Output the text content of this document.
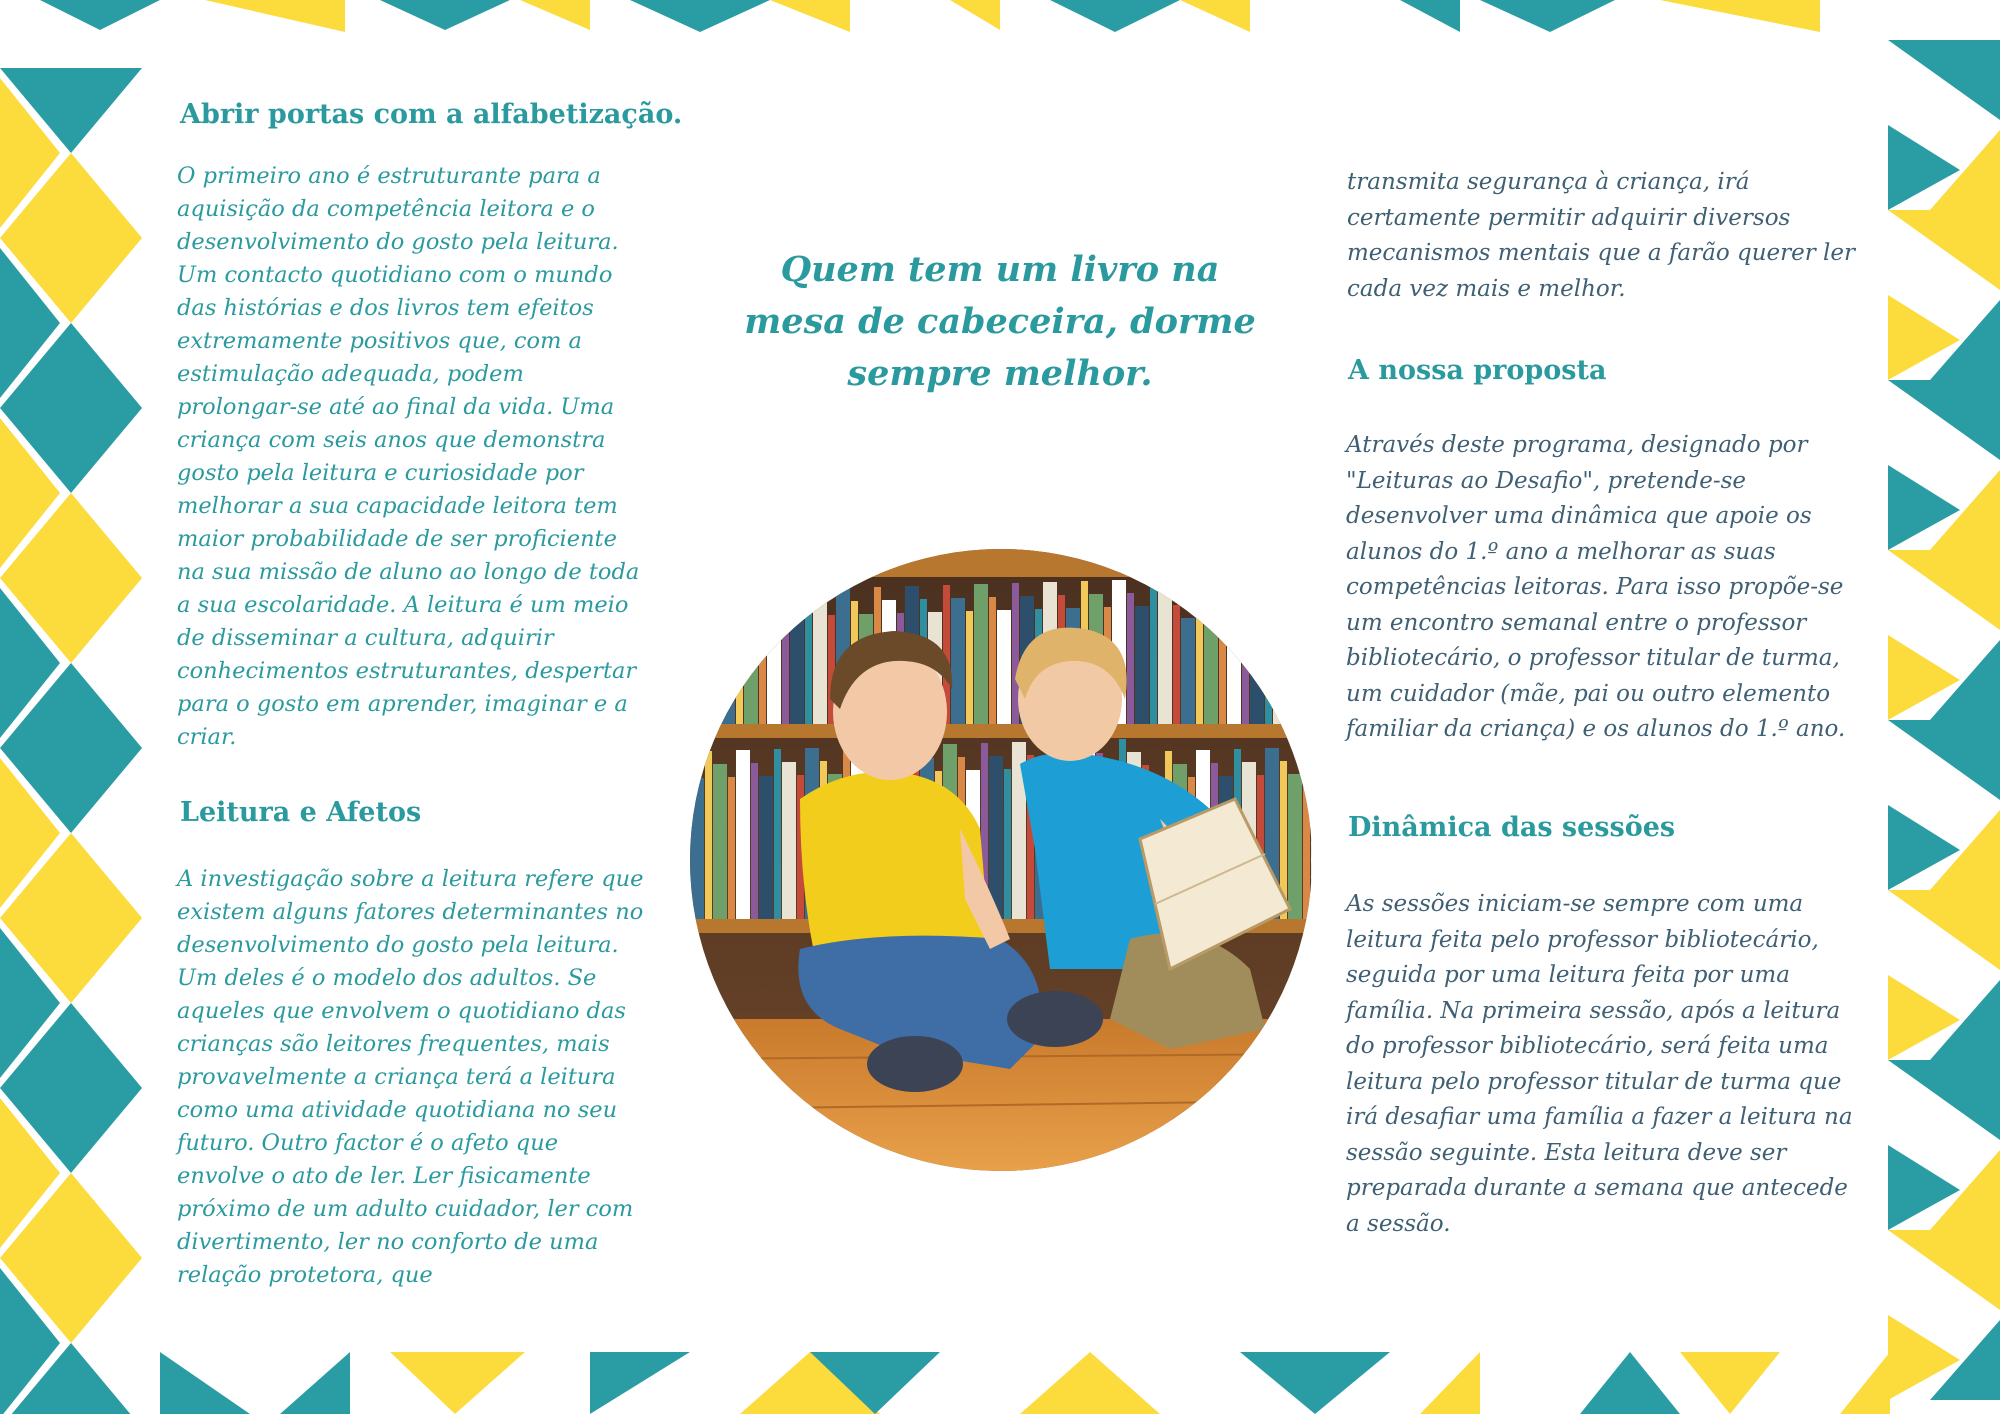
Abrir portas com a alfabetização.

O primeiro ano é estruturante para a aquisição da competência leitora e o desenvolvimento do gosto pela leitura. Um contacto quotidiano com o mundo das histórias e dos livros tem efeitos extremamente positivos que, com a estimulação adequada, podem prolongar-se até ao final da vida. Uma criança com seis anos que demonstra gosto pela leitura e curiosidade por melhorar a sua capacidade leitora tem maior probabilidade de ser proficiente na sua missão de aluno ao longo de toda a sua escolaridade. A leitura é um meio de disseminar a cultura, adquirir conhecimentos estruturantes, despertar para o gosto em aprender, imaginar e a criar.

Leitura e Afetos

A investigação sobre a leitura refere que existem alguns fatores determinantes no desenvolvimento do gosto pela leitura. Um deles é o modelo dos adultos. Se aqueles que envolvem o quotidiano das crianças são leitores frequentes, mais provavelmente a criança terá a leitura como uma atividade quotidiana no seu futuro. Outro factor é o afeto que envolve o ato de ler. Ler fisicamente próximo de um adulto cuidador, ler com divertimento, ler no conforto de uma relação protetora, que

Quem tem um livro na mesa de cabeceira, dorme sempre melhor.

transmita segurança à criança, irá certamente permitir adquirir diversos mecanismos mentais que a farão querer ler cada vez mais e melhor.

A nossa proposta

Através deste programa, designado por "Leituras ao Desafio", pretende-se desenvolver uma dinâmica que apoie os alunos do 1.º ano a melhorar as suas competências leitoras. Para isso propõe-se um encontro semanal entre o professor bibliotecário, o professor titular de turma, um cuidador (mãe, pai ou outro elemento familiar da criança) e os alunos do 1.º ano.

Dinâmica das sessões

As sessões iniciam-se sempre com uma leitura feita pelo professor bibliotecário, seguida por uma leitura feita por uma família. Na primeira sessão, após a leitura do professor bibliotecário, será feita uma leitura pelo professor titular de turma que irá desafiar uma família a fazer a leitura na sessão seguinte. Esta leitura deve ser preparada durante a semana que antecede a sessão.
